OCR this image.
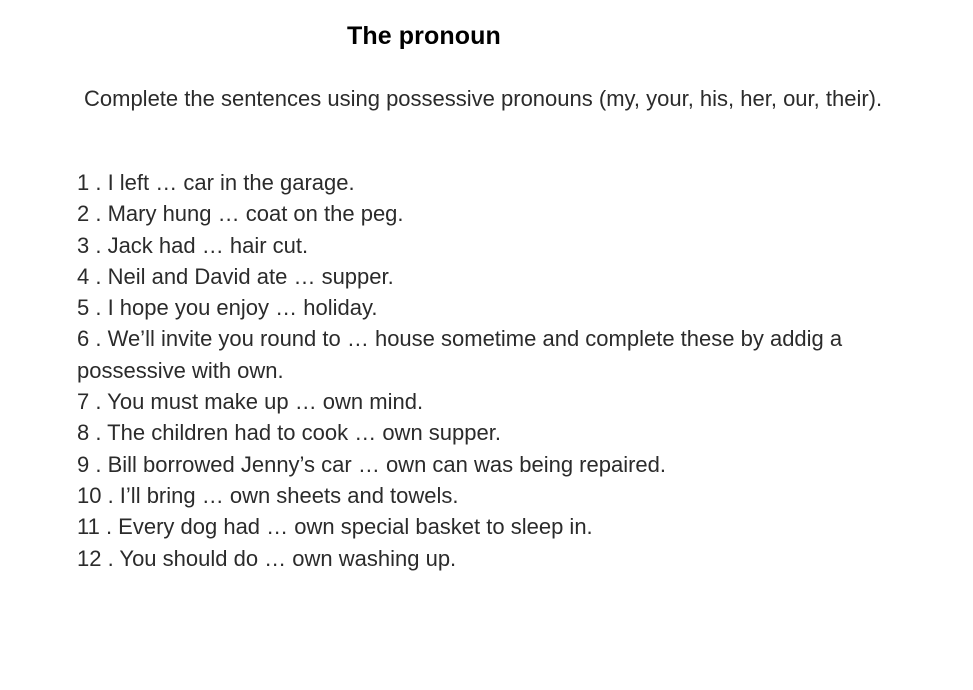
The pronoun
Complete the sentences using possessive pronouns (my, your, his, her, our, their).
1 . I left … car in the garage.
2 . Mary hung … coat on the peg.
3 . Jack had … hair cut.
4 . Neil and David ate … supper.
5 . I hope you enjoy … holiday.
6 . We’ll invite you round to … house sometime and complete these by addig a possessive with own.
7 . You must make up … own mind.
8 . The children had to cook … own supper.
9 . Bill borrowed Jenny’s car … own can was being repaired.
10 . I’ll bring … own sheets and towels.
11 . Every dog had … own special basket to sleep in.
12 . You should do … own washing up.
